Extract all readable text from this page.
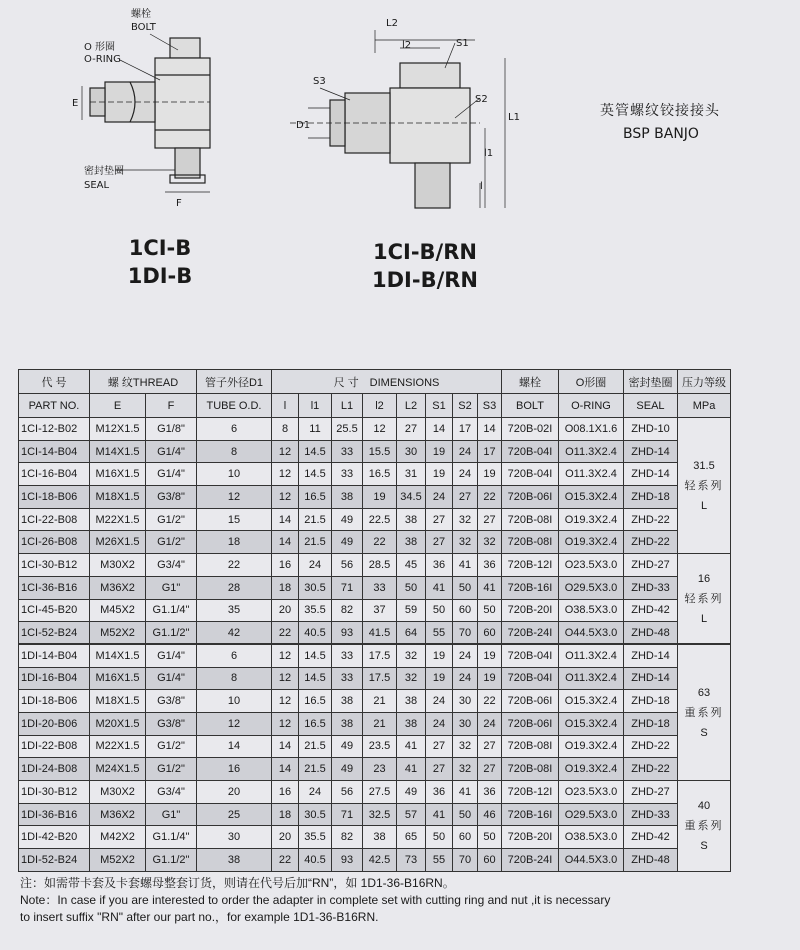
螺栓
BOLT
O 形圈
O-RING
密封垫圈
SEAL
E
F
L2
l2	S1
S3
S2
D1
L1
l1
l
1CI-B
1DI-B
1CI-B/RN
1DI-B/RN
英管螺纹铰接接头
BSP BANJO
代 号	螺 纹THREAD		管子外径D1	尺 寸　DIMENSIONS								螺栓	O形圈	密封垫圈	压力等级
PART NO.	E	F	TUBE O.D.	l	l1	L1	l2	L2	S1	S2	S3	BOLT	O-RING	SEAL	MPa
1CI-12-B02	M12X1.5	G1/8"	6	8	11	25.5	12	27	14	17	14	720B-02I	O08.1X1.6	ZHD-10	31.5
轻系列
L

1CI-14-B04	M14X1.5	G1/4"	8	12	14.5	33	15.5	30	19	24	17	720B-04I	O11.3X2.4	ZHD-14	
1CI-16-B04	M16X1.5	G1/4"	10	12	14.5	33	16.5	31	19	24	19	720B-04I	O11.3X2.4	ZHD-14	
1CI-18-B06	M18X1.5	G3/8"	12	12	16.5	38	19	34.5	24	27	22	720B-06I	O15.3X2.4	ZHD-18	
1CI-22-B08	M22X1.5	G1/2"	15	14	21.5	49	22.5	38	27	32	27	720B-08I	O19.3X2.4	ZHD-22	
1CI-26-B08	M26X1.5	G1/2"	18	14	21.5	49	22	38	27	32	32	720B-08I	O19.3X2.4	ZHD-22	
1CI-30-B12	M30X2	G3/4"	22	16	24	56	28.5	45	36	41	36	720B-12I	O23.5X3.0	ZHD-27	16
轻系列
L

1CI-36-B16	M36X2	G1"	28	18	30.5	71	33	50	41	50	41	720B-16I	O29.5X3.0	ZHD-33	
1CI-45-B20	M45X2	G1.1/4"	35	20	35.5	82	37	59	50	60	50	720B-20I	O38.5X3.0	ZHD-42	
1CI-52-B24	M52X2	G1.1/2"	42	22	40.5	93	41.5	64	55	70	60	720B-24I	O44.5X3.0	ZHD-48	
1DI-14-B04	M14X1.5	G1/4"	6	12	14.5	33	17.5	32	19	24	19	720B-04I	O11.3X2.4	ZHD-14	63
重系列
S

1DI-16-B04	M16X1.5	G1/4"	8	12	14.5	33	17.5	32	19	24	19	720B-04I	O11.3X2.4	ZHD-14	
1DI-18-B06	M18X1.5	G3/8"	10	12	16.5	38	21	38	24	30	22	720B-06I	O15.3X2.4	ZHD-18	
1DI-20-B06	M20X1.5	G3/8"	12	12	16.5	38	21	38	24	30	24	720B-06I	O15.3X2.4	ZHD-18	
1DI-22-B08	M22X1.5	G1/2"	14	14	21.5	49	23.5	41	27	32	27	720B-08I	O19.3X2.4	ZHD-22	
1DI-24-B08	M24X1.5	G1/2"	16	14	21.5	49	23	41	27	32	27	720B-08I	O19.3X2.4	ZHD-22	
1DI-30-B12	M30X2	G3/4"	20	16	24	56	27.5	49	36	41	36	720B-12I	O23.5X3.0	ZHD-27	40
重系列
S

1DI-36-B16	M36X2	G1"	25	18	30.5	71	32.5	57	41	50	46	720B-16I	O29.5X3.0	ZHD-33	
1DI-42-B20	M42X2	G1.1/4"	30	20	35.5	82	38	65	50	60	50	720B-20I	O38.5X3.0	ZHD-42	
1DI-52-B24	M52X2	G1.1/2"	38	22	40.5	93	42.5	73	55	70	60	720B-24I	O44.5X3.0	ZHD-48	
注：如需带卡套及卡套螺母整套订货，则请在代号后加“RN”，如 1D1-36-B16RN。
Note：In case if you are interested to order the adapter in complete set with cutting ring and nut ,it is necessary
to insert suffix "RN" after our part no.，for example 1D1-36-B16RN.
